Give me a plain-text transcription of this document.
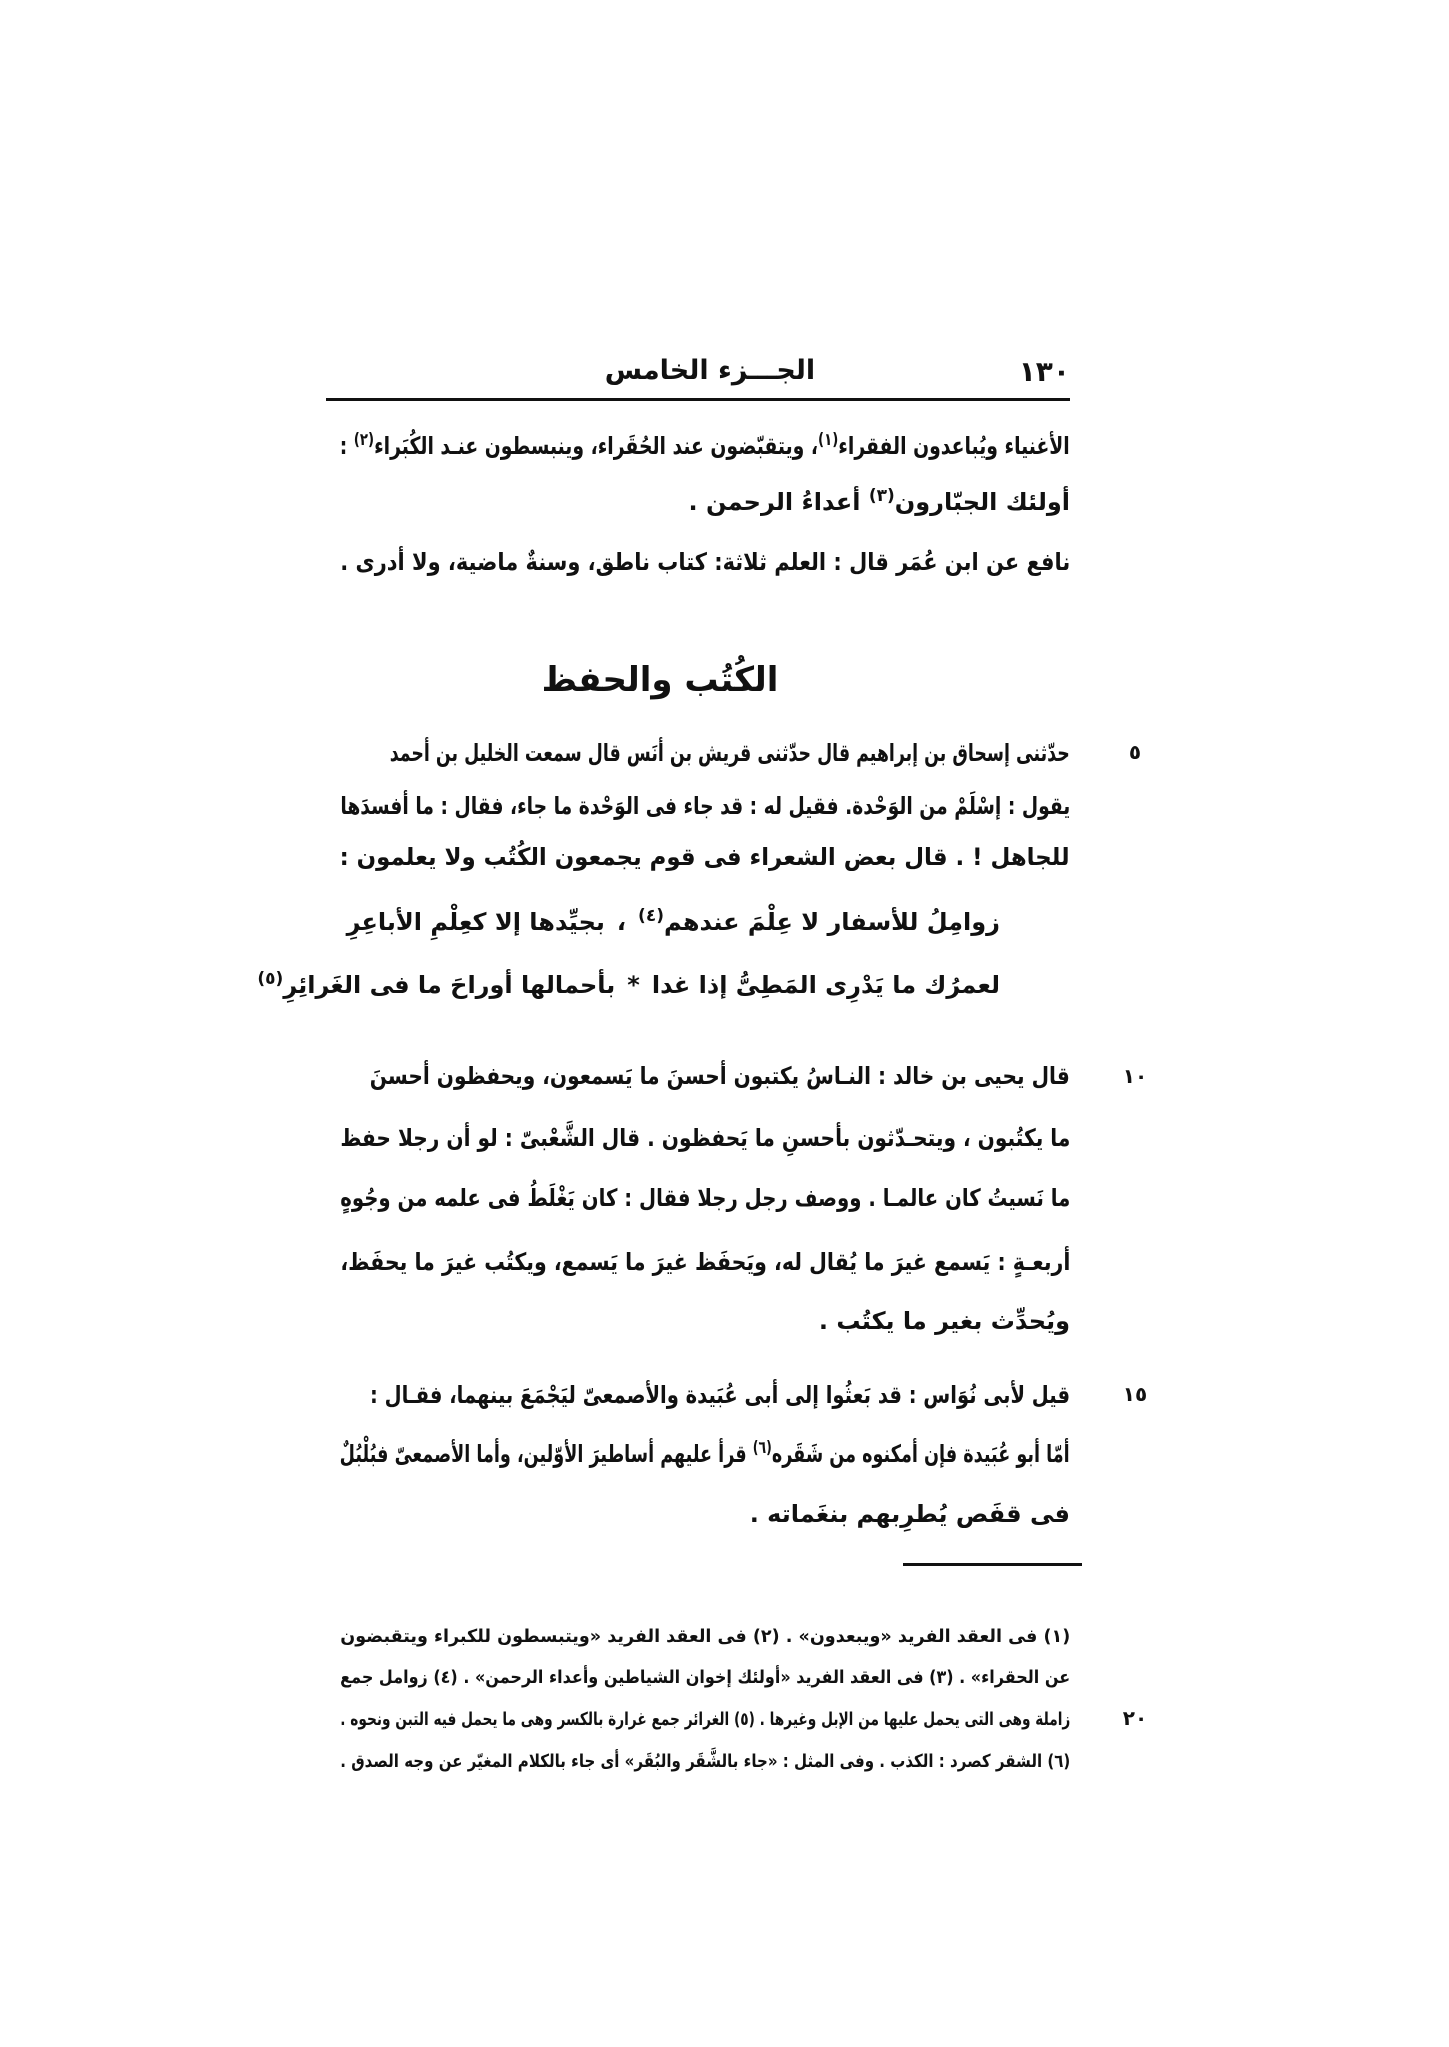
١٣٠
الجـــزء الخامس
الأغنياء ويُباعدون الفقراء$^{(١)}$، ويتقبّضون عند الحُقَراء، وينبسطون عنـد الكُبَراء$^{(٢)}$ :
أولئك الجبّارون$^{(٣)}$ أعداءُ الرحمن .
نافع عن ابن عُمَر قال : العلم ثلاثة: كتاب ناطق، وسنةٌ ماضية، ولا أدرى .
الكُتُب والحفظ
٥
حدّثنى إسحاق بن إبراهيم قال حدّثنى قريش بن أنَس قال سمعت الخليل بن أحمد
يقول : إسْلَمْ من الوَحْدة. فقيل له : قد جاء فى الوَحْدة ما جاء، فقال : ما أفسدَها
للجاهل ! . قال بعض الشعراء فى قوم يجمعون الكُتُب ولا يعلمون :
زوامِلُ للأسفار لا عِلْمَ عندهم$^{(٤)}$
،
بجيِّدها إلا كعِلْمِ الأباعِرِ
لعمرُك ما يَدْرِى المَطِىُّ إذا غدا
*
بأحمالها أوراحَ ما فى الغَرائِرِ$^{(٥)}$
١٠
قال يحيى بن خالد : النـاسُ يكتبون أحسنَ ما يَسمعون، ويحفظون أحسنَ
ما يكتُبون ، ويتحـدّثون بأحسنِ ما يَحفظون . قال الشَّعْبىّ : لو أن رجلا حفظ
ما نَسيتُ كان عالمـا . ووصف رجل رجلا فقال : كان يَغْلَطُ فى علمه من وجُوهٍ
أربعـةٍ : يَسمع غيرَ ما يُقال له، ويَحفَظ غيرَ ما يَسمع، ويكتُب غيرَ ما يحفَظ،
ويُحدِّث بغير ما يكتُب .
١٥
قيل لأبى نُوَاس : قد بَعثُوا إلى أبى عُبَيدة والأصمعىّ ليَجْمَعَ بينهما، فقـال :
أمّا أبو عُبَيدة فإن أمكنوه من شَقَره$^{(٦)}$ قرأ عليهم أساطيرَ الأوّلين، وأما الأصمعىّ فبُلْبُلٌ
فى قفَص يُطرِبهم بنغَماته .
(١) فى العقد الفريد «ويبعدون» . (٢) فى العقد الفريد «ويتبسطون للكبراء ويتقبضون
عن الحقراء» . (٣) فى العقد الفريد «أولئك إخوان الشياطين وأعداء الرحمن» . (٤) زوامل جمع
٢٠
زاملة وهى التى يحمل عليها من الإبل وغيرها . (٥) الغرائر جمع غرارة بالكسر وهى ما يحمل فيه التبن ونحوه .
(٦) الشقر كصرد : الكذب . وفى المثل : «جاء بالشَّقَر والبُقَر» أى جاء بالكلام المغيّر عن وجه الصدق .
